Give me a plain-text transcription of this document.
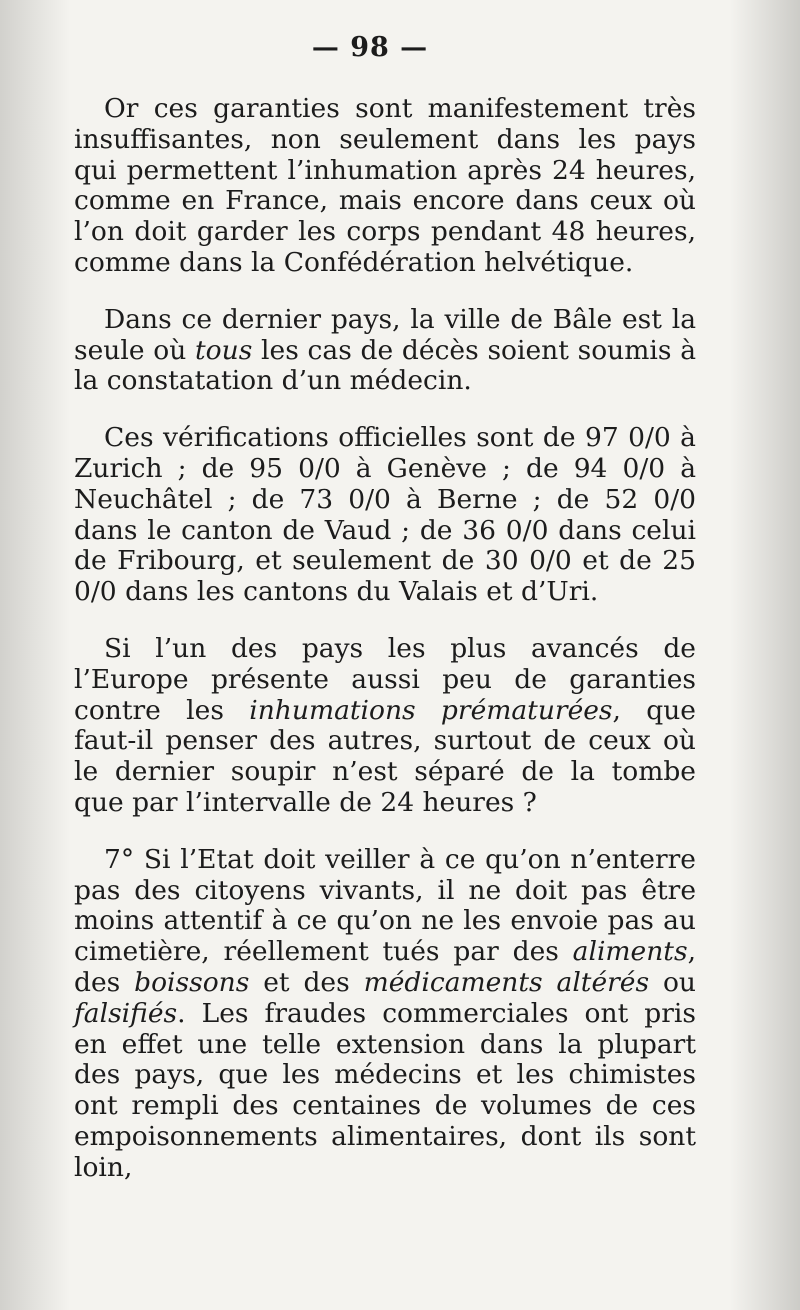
— 98 —

Or ces garanties sont manifestement très insuffisantes, non seulement dans les pays qui permettent l’inhumation après 24 heures, comme en France, mais encore dans ceux où l’on doit garder les corps pendant 48 heures, comme dans la Confédération helvétique.

Dans ce dernier pays, la ville de Bâle est la seule où tous les cas de décès soient soumis à la constatation d’un médecin.

Ces vérifications officielles sont de 97 0/0 à Zurich ; de 95 0/0 à Genève ; de 94 0/0 à Neuchâtel ; de 73 0/0 à Berne ; de 52 0/0 dans le canton de Vaud ; de 36 0/0 dans celui de Fribourg, et seulement de 30 0/0 et de 25 0/0 dans les cantons du Valais et d’Uri.

Si l’un des pays les plus avancés de l’Europe présente aussi peu de garanties contre les inhumations prématurées, que faut-il penser des autres, surtout de ceux où le dernier soupir n’est séparé de la tombe que par l’intervalle de 24 heures ?

7° Si l’Etat doit veiller à ce qu’on n’enterre pas des citoyens vivants, il ne doit pas être moins attentif à ce qu’on ne les envoie pas au cimetière, réellement tués par des aliments, des boissons et des médicaments altérés ou falsifiés. Les fraudes commerciales ont pris en effet une telle extension dans la plupart des pays, que les médecins et les chimistes ont rempli des centaines de volumes de ces empoisonnements alimentaires, dont ils sont loin,
